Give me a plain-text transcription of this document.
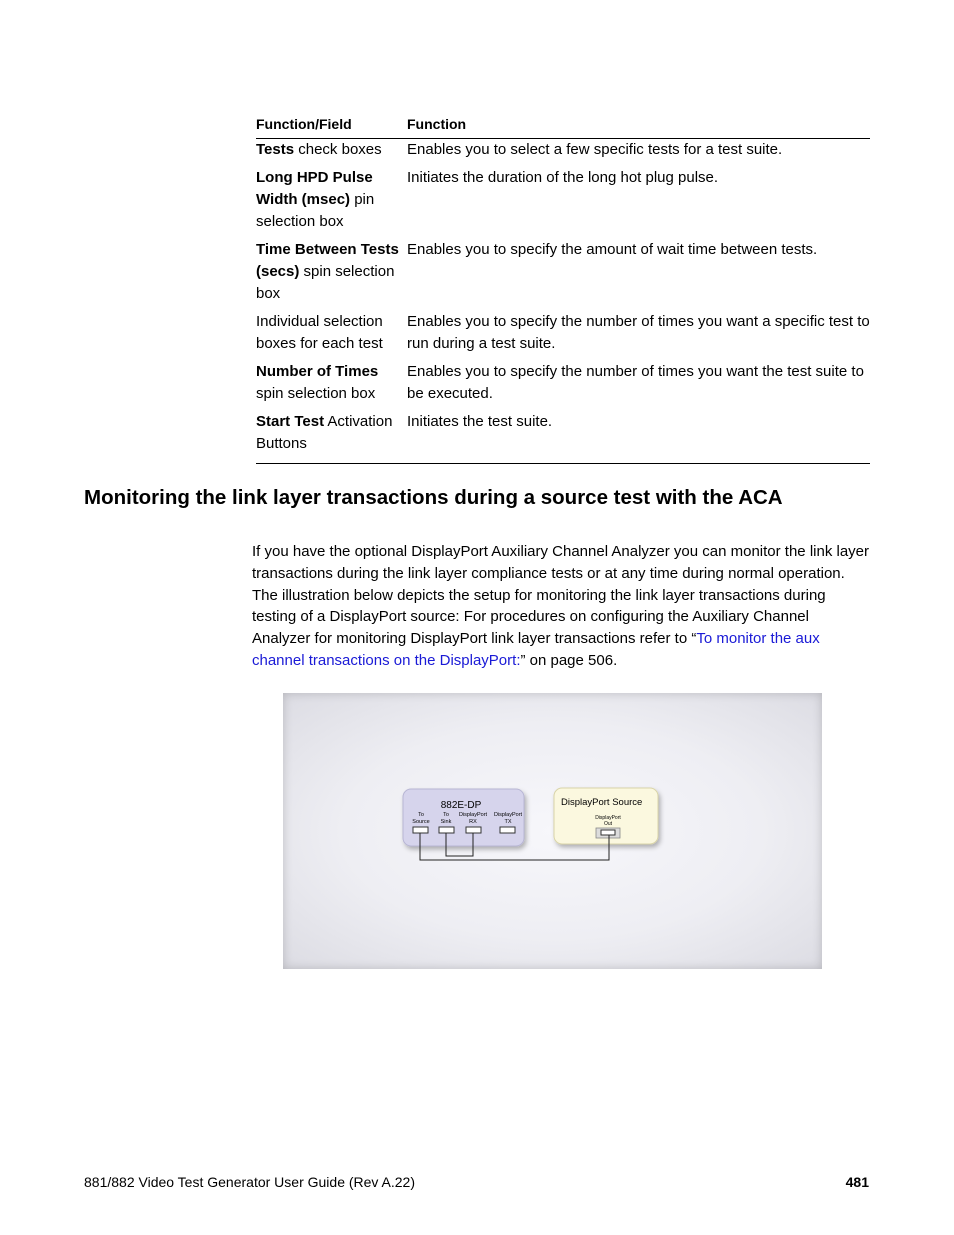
Function/Field	Function
Tests check boxes	Enables you to select a few specific tests for a test suite.
Long HPD Pulse Width (msec) pin selection box	Initiates the duration of the long hot plug pulse.
Time Between Tests (secs) spin selection box	Enables you to specify the amount of wait time between tests.
Individual selection boxes for each test	Enables you to specify the number of times you want a specific test to run during a test suite.
Number of Times spin selection box	Enables you to specify the number of times you want the test suite to be executed.
Start Test Activation Buttons	Initiates the test suite.
Monitoring the link layer transactions during a source test with the ACA

If you have the optional DisplayPort Auxiliary Channel Analyzer you can monitor the link layer transactions during the link layer compliance tests or at any time during normal operation. The illustration below depicts the setup for monitoring the link layer transactions during testing of a DisplayPort source: For procedures on configuring the Auxiliary Channel Analyzer for monitoring DisplayPort link layer transactions refer to “To monitor the aux channel transactions on the DisplayPort:” on page 506.

882E-DP
To
Source
To
Sink
DisplayPort
RX
DisplayPort
TX
DisplayPort Source
DisplayPort
Out
881/882 Video Test Generator User Guide (Rev A.22)	481
